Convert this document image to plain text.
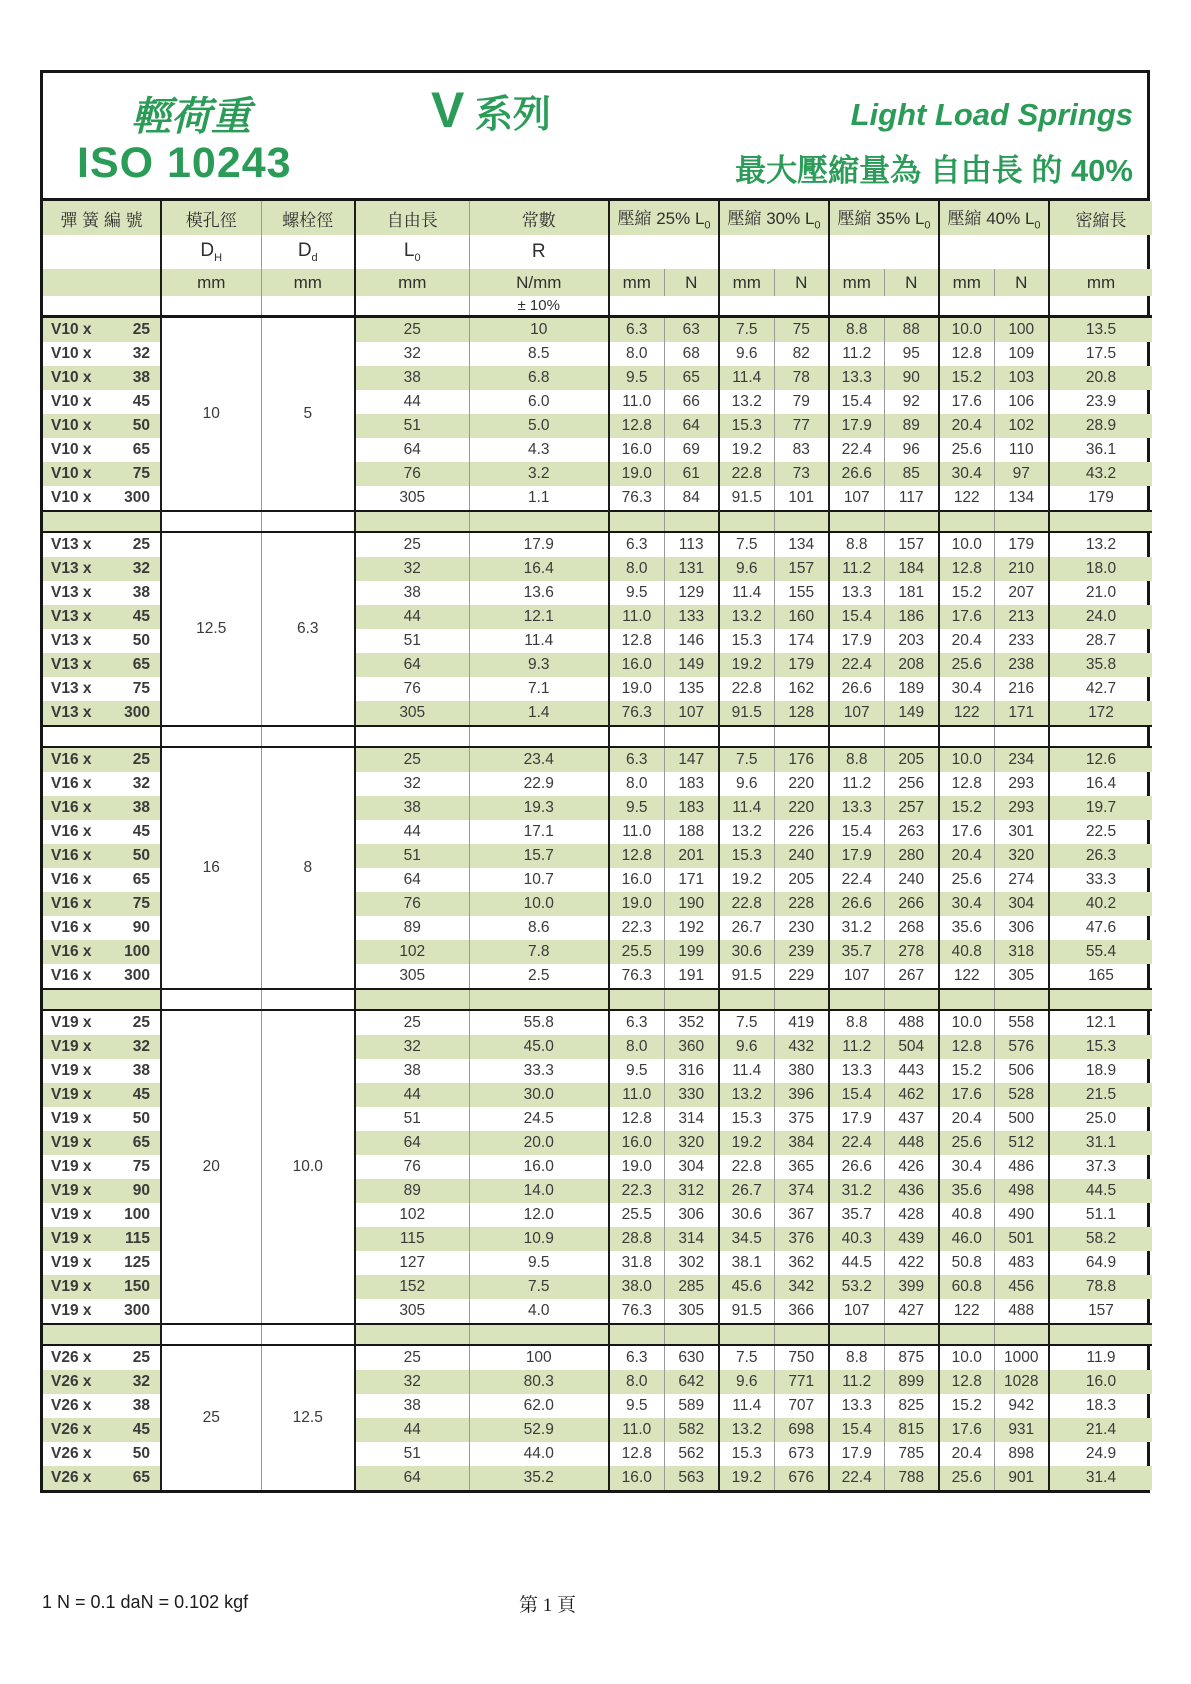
輕荷重	V 系列	Light Load Springs
ISO 10243	最大壓縮量為 自由長 的 40%
彈 簧 編 號	模孔徑	螺栓徑	自由長	常數	壓縮 25% $L_0$		壓縮 30% $L_0$		壓縮 35% $L_0$		壓縮 40% $L_0$		密縮長
	$D_H$	$D_d$	$L_0$	R									
	mm	mm	mm	N/mm	mm	N	mm	N	mm	N	mm	N	mm
				± 10%									

V10 x 25	10	5	25	10	6.3	63	7.5	75	8.8	88	10.0	100	13.5

V10 x 32			32	8.5	8.0	68	9.6	82	11.2	95	12.8	109	17.5

V10 x 38			38	6.8	9.5	65	11.4	78	13.3	90	15.2	103	20.8

V10 x 45			44	6.0	11.0	66	13.2	79	15.4	92	17.6	106	23.9

V10 x 50			51	5.0	12.8	64	15.3	77	17.9	89	20.4	102	28.9

V10 x 65			64	4.3	16.0	69	19.2	83	22.4	96	25.6	110	36.1

V10 x 75			76	3.2	19.0	61	22.8	73	26.6	85	30.4	97	43.2

V10 x 300			305	1.1	76.3	84	91.5	101	107	117	122	134	179

V13 x 25	12.5	6.3	25	17.9	6.3	113	7.5	134	8.8	157	10.0	179	13.2

V13 x 32			32	16.4	8.0	131	9.6	157	11.2	184	12.8	210	18.0

V13 x 38			38	13.6	9.5	129	11.4	155	13.3	181	15.2	207	21.0

V13 x 45			44	12.1	11.0	133	13.2	160	15.4	186	17.6	213	24.0

V13 x 50			51	11.4	12.8	146	15.3	174	17.9	203	20.4	233	28.7

V13 x 65			64	9.3	16.0	149	19.2	179	22.4	208	25.6	238	35.8

V13 x 75			76	7.1	19.0	135	22.8	162	26.6	189	30.4	216	42.7

V13 x 300			305	1.4	76.3	107	91.5	128	107	149	122	171	172

V16 x 25	16	8	25	23.4	6.3	147	7.5	176	8.8	205	10.0	234	12.6

V16 x 32			32	22.9	8.0	183	9.6	220	11.2	256	12.8	293	16.4

V16 x 38			38	19.3	9.5	183	11.4	220	13.3	257	15.2	293	19.7

V16 x 45			44	17.1	11.0	188	13.2	226	15.4	263	17.6	301	22.5

V16 x 50			51	15.7	12.8	201	15.3	240	17.9	280	20.4	320	26.3

V16 x 65			64	10.7	16.0	171	19.2	205	22.4	240	25.6	274	33.3

V16 x 75			76	10.0	19.0	190	22.8	228	26.6	266	30.4	304	40.2

V16 x 90			89	8.6	22.3	192	26.7	230	31.2	268	35.6	306	47.6

V16 x 100			102	7.8	25.5	199	30.6	239	35.7	278	40.8	318	55.4

V16 x 300			305	2.5	76.3	191	91.5	229	107	267	122	305	165

V19 x 25	20	10.0	25	55.8	6.3	352	7.5	419	8.8	488	10.0	558	12.1

V19 x 32			32	45.0	8.0	360	9.6	432	11.2	504	12.8	576	15.3

V19 x 38			38	33.3	9.5	316	11.4	380	13.3	443	15.2	506	18.9

V19 x 45			44	30.0	11.0	330	13.2	396	15.4	462	17.6	528	21.5

V19 x 50			51	24.5	12.8	314	15.3	375	17.9	437	20.4	500	25.0

V19 x 65			64	20.0	16.0	320	19.2	384	22.4	448	25.6	512	31.1

V19 x 75			76	16.0	19.0	304	22.8	365	26.6	426	30.4	486	37.3

V19 x 90			89	14.0	22.3	312	26.7	374	31.2	436	35.6	498	44.5

V19 x 100			102	12.0	25.5	306	30.6	367	35.7	428	40.8	490	51.1

V19 x 115			115	10.9	28.8	314	34.5	376	40.3	439	46.0	501	58.2

V19 x 125			127	9.5	31.8	302	38.1	362	44.5	422	50.8	483	64.9

V19 x 150			152	7.5	38.0	285	45.6	342	53.2	399	60.8	456	78.8

V19 x 300			305	4.0	76.3	305	91.5	366	107	427	122	488	157

V26 x 25	25	12.5	25	100	6.3	630	7.5	750	8.8	875	10.0	1000	11.9

V26 x 32			32	80.3	8.0	642	9.6	771	11.2	899	12.8	1028	16.0

V26 x 38			38	62.0	9.5	589	11.4	707	13.3	825	15.2	942	18.3

V26 x 45			44	52.9	11.0	582	13.2	698	15.4	815	17.6	931	21.4

V26 x 50			51	44.0	12.8	562	15.3	673	17.9	785	20.4	898	24.9

V26 x 65			64	35.2	16.0	563	19.2	676	22.4	788	25.6	901	31.4
1 N = 0.1 daN = 0.102 kgf	第 1 頁
